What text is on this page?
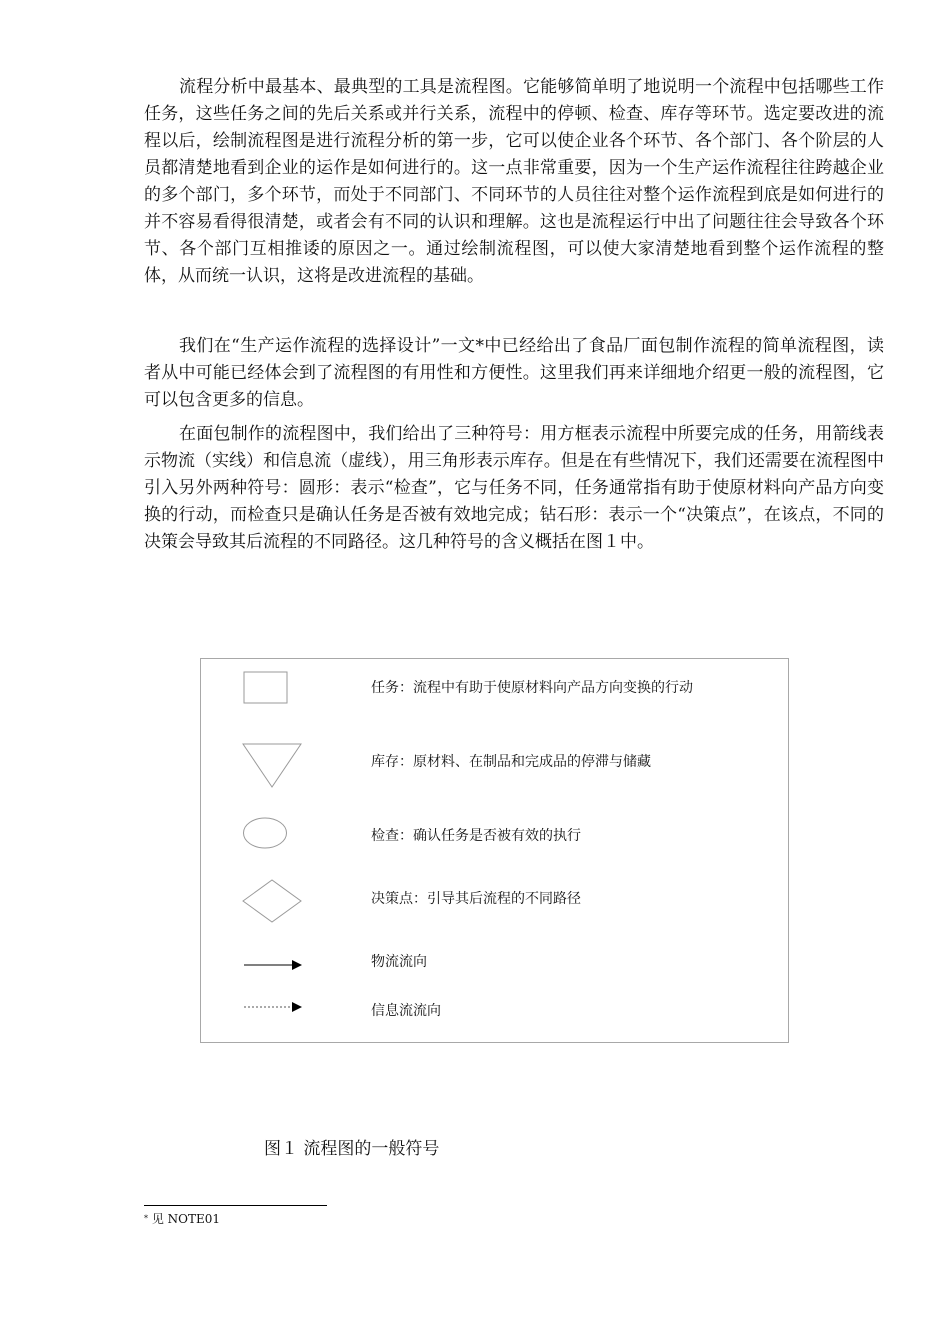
流程分析中最基本、最典型的工具是流程图。它能够简单明了地说明一个流程中包括哪些工作任务，这些任务之间的先后关系或并行关系，流程中的停顿、检查、库存等环节。选定要改进的流程以后，绘制流程图是进行流程分析的第一步，它可以使企业各个环节、各个部门、各个阶层的人员都清楚地看到企业的运作是如何进行的。这一点非常重要，因为一个生产运作流程往往跨越企业的多个部门，多个环节，而处于不同部门、不同环节的人员往往对整个运作流程到底是如何进行的并不容易看得很清楚，或者会有不同的认识和理解。这也是流程运行中出了问题往往会导致各个环节、各个部门互相推诿的原因之一。通过绘制流程图，可以使大家清楚地看到整个运作流程的整体，从而统一认识，这将是改进流程的基础。

我们在“生产运作流程的选择设计”一文*中已经给出了食品厂面包制作流程的简单流程图，读者从中可能已经体会到了流程图的有用性和方便性。这里我们再来详细地介绍更一般的流程图，它可以包含更多的信息。

在面包制作的流程图中，我们给出了三种符号：用方框表示流程中所要完成的任务，用箭线表示物流（实线）和信息流（虚线），用三角形表示库存。但是在有些情况下，我们还需要在流程图中引入另外两种符号：圆形：表示“检查”，它与任务不同，任务通常指有助于使原材料向产品方向变换的行动，而检查只是确认任务是否被有效地完成；钻石形：表示一个“决策点”，在该点，不同的决策会导致其后流程的不同路径。这几种符号的含义概括在图１中。

任务：流程中有助于使原材料向产品方向变换的行动
库存：原材料、在制品和完成品的停滞与储藏
检查：确认任务是否被有效的执行
决策点：引导其后流程的不同路径
物流流向
信息流流向
图１ 流程图的一般符号
* 见 NOTE01
